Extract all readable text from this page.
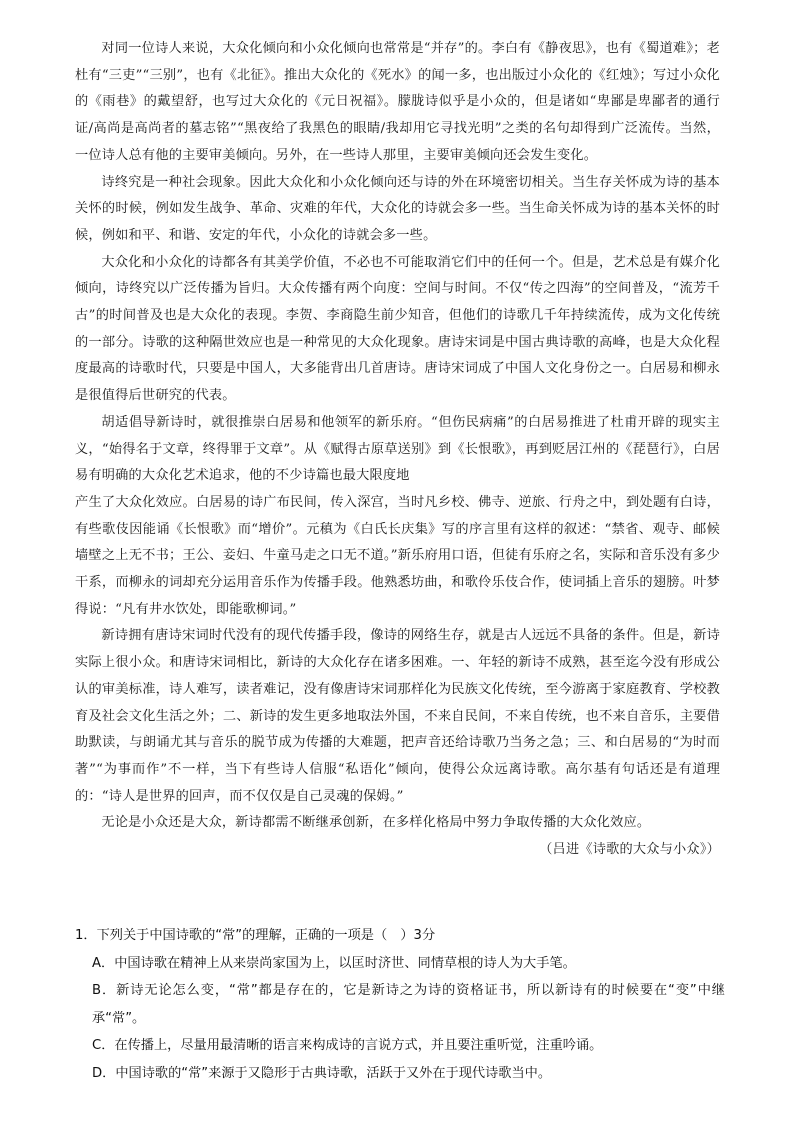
对同一位诗人来说，大众化倾向和小众化倾向也常常是“并存”的。李白有《静夜思》，也有《蜀道难》；老杜有“三吏”“三别”，也有《北征》。推出大众化的《死水》的闻一多，也出版过小众化的《红烛》；写过小众化的《雨巷》的戴望舒，也写过大众化的《元日祝福》。朦胧诗似乎是小众的，但是诸如“卑鄙是卑鄙者的通行证/高尚是高尚者的墓志铭”“黑夜给了我黑色的眼睛/我却用它寻找光明”之类的名句却得到广泛流传。当然，一位诗人总有他的主要审美倾向。另外，在一些诗人那里，主要审美倾向还会发生变化。

诗终究是一种社会现象。因此大众化和小众化倾向还与诗的外在环境密切相关。当生存关怀成为诗的基本关怀的时候，例如发生战争、革命、灾难的年代，大众化的诗就会多一些。当生命关怀成为诗的基本关怀的时候，例如和平、和谐、安定的年代，小众化的诗就会多一些。

大众化和小众化的诗都各有其美学价值，不必也不可能取消它们中的任何一个。但是，艺术总是有媒介化倾向，诗终究以广泛传播为旨归。大众传播有两个向度：空间与时间。不仅“传之四海”的空间普及，“流芳千古”的时间普及也是大众化的表现。李贺、李商隐生前少知音，但他们的诗歌几千年持续流传，成为文化传统的一部分。诗歌的这种隔世效应也是一种常见的大众化现象。唐诗宋词是中国古典诗歌的高峰，也是大众化程度最高的诗歌时代，只要是中国人，大多能背出几首唐诗。唐诗宋词成了中国人文化身份之一。白居易和柳永是很值得后世研究的代表。

胡适倡导新诗时，就很推崇白居易和他领军的新乐府。“但伤民病痛”的白居易推进了杜甫开辟的现实主义，“始得名于文章，终得罪于文章”。从《赋得古原草送别》到《长恨歌》，再到贬居江州的《琵琶行》，白居易有明确的大众化艺术追求，他的不少诗篇也最大限度地

产生了大众化效应。白居易的诗广布民间，传入深宫，当时凡乡校、佛寺、逆旅、行舟之中，到处题有白诗，有些歌伎因能诵《长恨歌》而“增价”。元稹为《白氏长庆集》写的序言里有这样的叙述：“禁省、观寺、邮候墙壁之上无不书；王公、妾妇、牛童马走之口无不道。”新乐府用口语，但徒有乐府之名，实际和音乐没有多少干系，而柳永的词却充分运用音乐作为传播手段。他熟悉坊曲，和歌伶乐伎合作，使词插上音乐的翅膀。叶梦得说：“凡有井水饮处，即能歌柳词。”

新诗拥有唐诗宋词时代没有的现代传播手段，像诗的网络生存，就是古人远远不具备的条件。但是，新诗实际上很小众。和唐诗宋词相比，新诗的大众化存在诸多困难。一、年轻的新诗不成熟，甚至迄今没有形成公认的审美标准，诗人难写，读者难记，没有像唐诗宋词那样化为民族文化传统，至今游离于家庭教育、学校教育及社会文化生活之外；二、新诗的发生更多地取法外国，不来自民间，不来自传统，也不来自音乐，主要借助默读，与朗诵尤其与音乐的脱节成为传播的大难题，把声音还给诗歌乃当务之急；三、和白居易的“为时而著”“为事而作”不一样，当下有些诗人信服“私语化”倾向，使得公众远离诗歌。高尔基有句话还是有道理的：“诗人是世界的回声，而不仅仅是自己灵魂的保姆。”

无论是小众还是大众，新诗都需不断继承创新，在多样化格局中努力争取传播的大众化效应。

（吕进《诗歌的大众与小众》）

1．下列关于中国诗歌的“常”的理解，正确的一项是（　）3分

A．中国诗歌在精神上从来崇尚家国为上，以匡时济世、同情草根的诗人为大手笔。

B．新诗无论怎么变，“常”都是存在的，它是新诗之为诗的资格证书，所以新诗有的时候要在“变”中继承“常”。

C．在传播上，尽量用最清晰的语言来构成诗的言说方式，并且要注重听觉，注重吟诵。

D．中国诗歌的“常”来源于又隐形于古典诗歌，活跃于又外在于现代诗歌当中。
